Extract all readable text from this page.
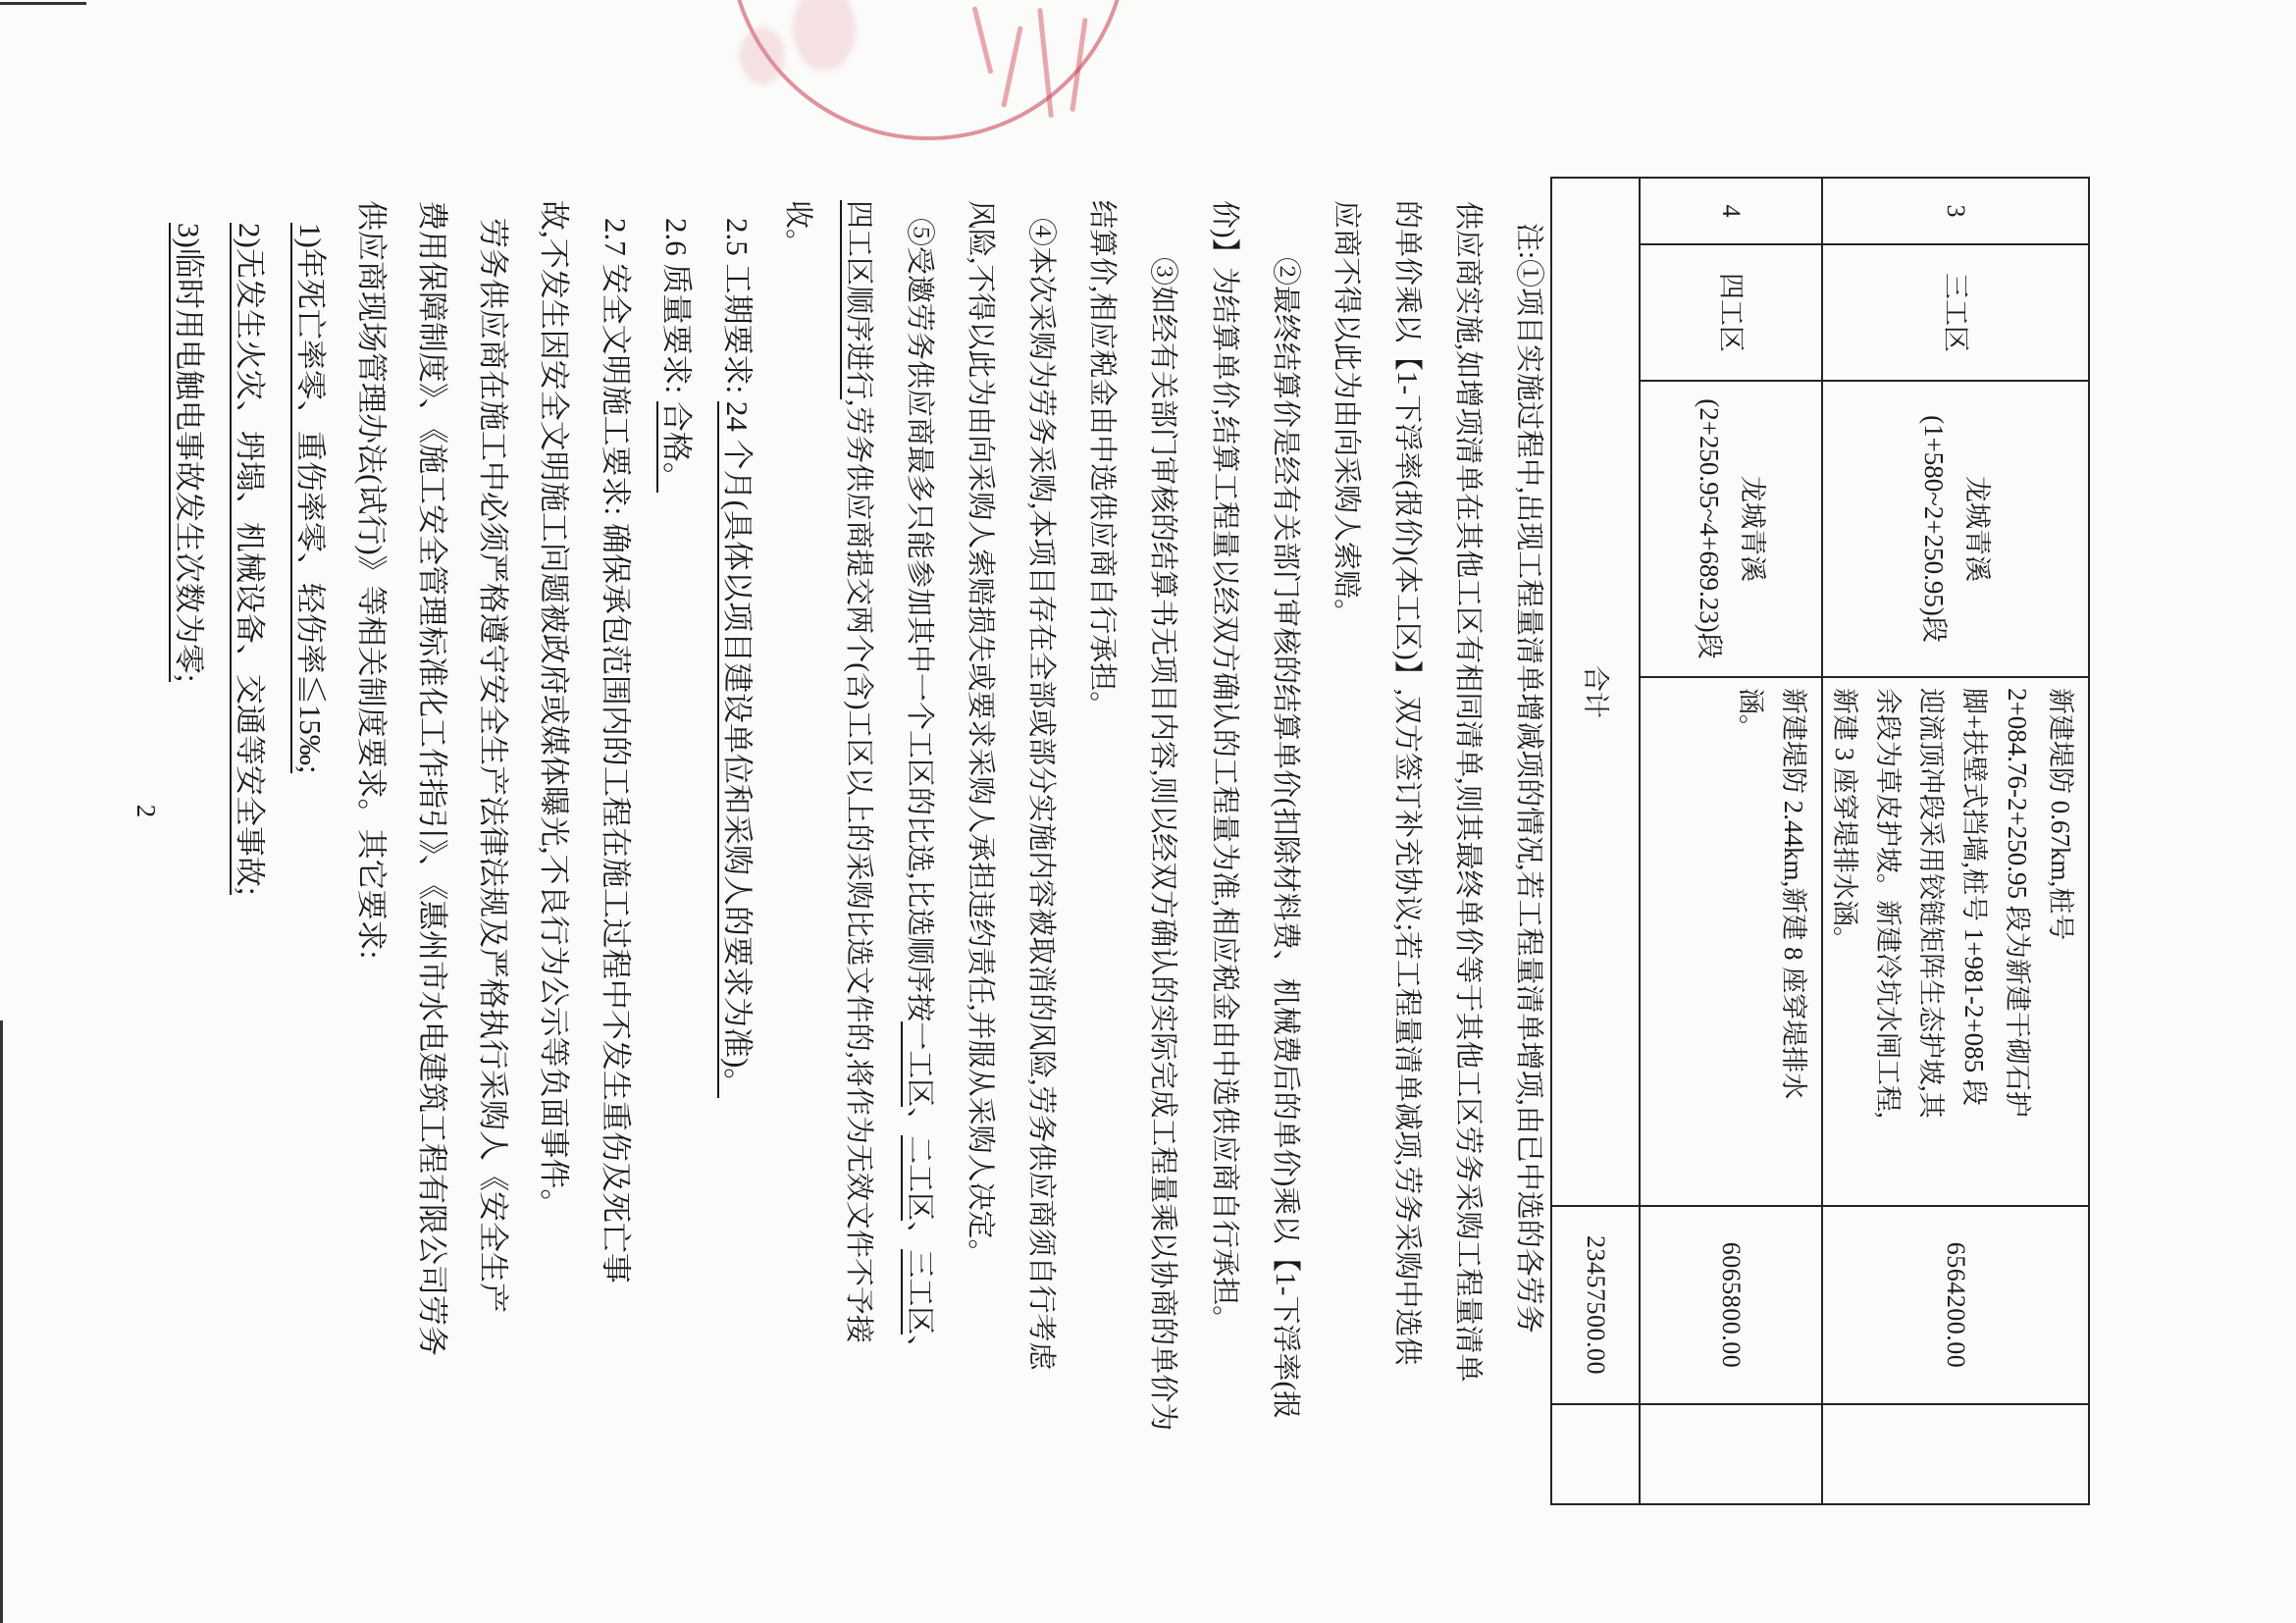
3	三工区	龙城青溪
(1+580~2+250.95)段	新建堤防 0.67km,桩号
2+084.76-2+250.95 段为新建干砌石护
脚+扶壁式挡墙,桩号 1+981-2+085 段
迎流顶冲段采用铰链矩阵生态护坡,其
余段为草皮护坡。新建冷坑水闸工程,
新建 3 座穿堤排水涵。	6564200.00	
4	四工区	龙城青溪
(2+250.95~4+689.23)段	新建堤防 2.44km,新建 8 座穿堤排水
涵。	6065800.00	
合计				23457500.00	
注:①项目实施过程中,出现工程量清单增减项的情况,若工程量清单增项,由已中选的各劳务
供应商实施,如增项清单在其他工区有相同清单,则其最终单价等于其他工区劳务采购工程量清单
的单价乘以【1-下浮率(报价)(本工区)】,双方签订补充协议;若工程量清单减项,劳务采购中选供
应商不得以此为由向采购人索赔。
②最终结算价是经有关部门审核的结算单价(扣除材料费、机械费后的单价)乘以【1-下浮率(报
价)】为结算单价,结算工程量以经双方确认的工程量为准,相应税金由中选供应商自行承担。
③如经有关部门审核的结算书无项目内容,则以经双方确认的实际完成工程量乘以协商的单价为
结算价,相应税金由中选供应商自行承担。
④本次采购为劳务采购,本项目存在全部或部分实施内容被取消的风险,劳务供应商须自行考虑
风险,不得以此为由向采购人索赔损失或要求采购人承担违约责任,并服从采购人决定。
⑤受邀劳务供应商最多只能参加其中一个工区的比选,比选顺序按一工区、二工区、三工区、
四工区顺序进行,劳务供应商提交两个(含)工区以上的采购比选文件的,将作为无效文件不予接
收。
2.5 工期要求: 24 个月(具体以项目建设单位和采购人的要求为准)。
2.6 质量要求: 合格。
2.7 安全文明施工要求: 确保承包范围内的工程在施工过程中不发生重伤及死亡事
故,不发生因安全文明施工问题被政府或媒体曝光,不良行为公示等负面事件。
劳务供应商在施工中必须严格遵守安全生产法律法规及严格执行采购人《安全生产
费用保障制度》、《施工安全管理标准化工作指引》、《惠州市水电建筑工程有限公司劳务
供应商现场管理办法(试行)》等相关制度要求。其它要求:
1)年死亡率零、重伤率零、轻伤率≦15‰;
2)无发生火灾、坍塌、机械设备、交通等安全事故;
3)临时用电触电事故发生次数为零;
2
